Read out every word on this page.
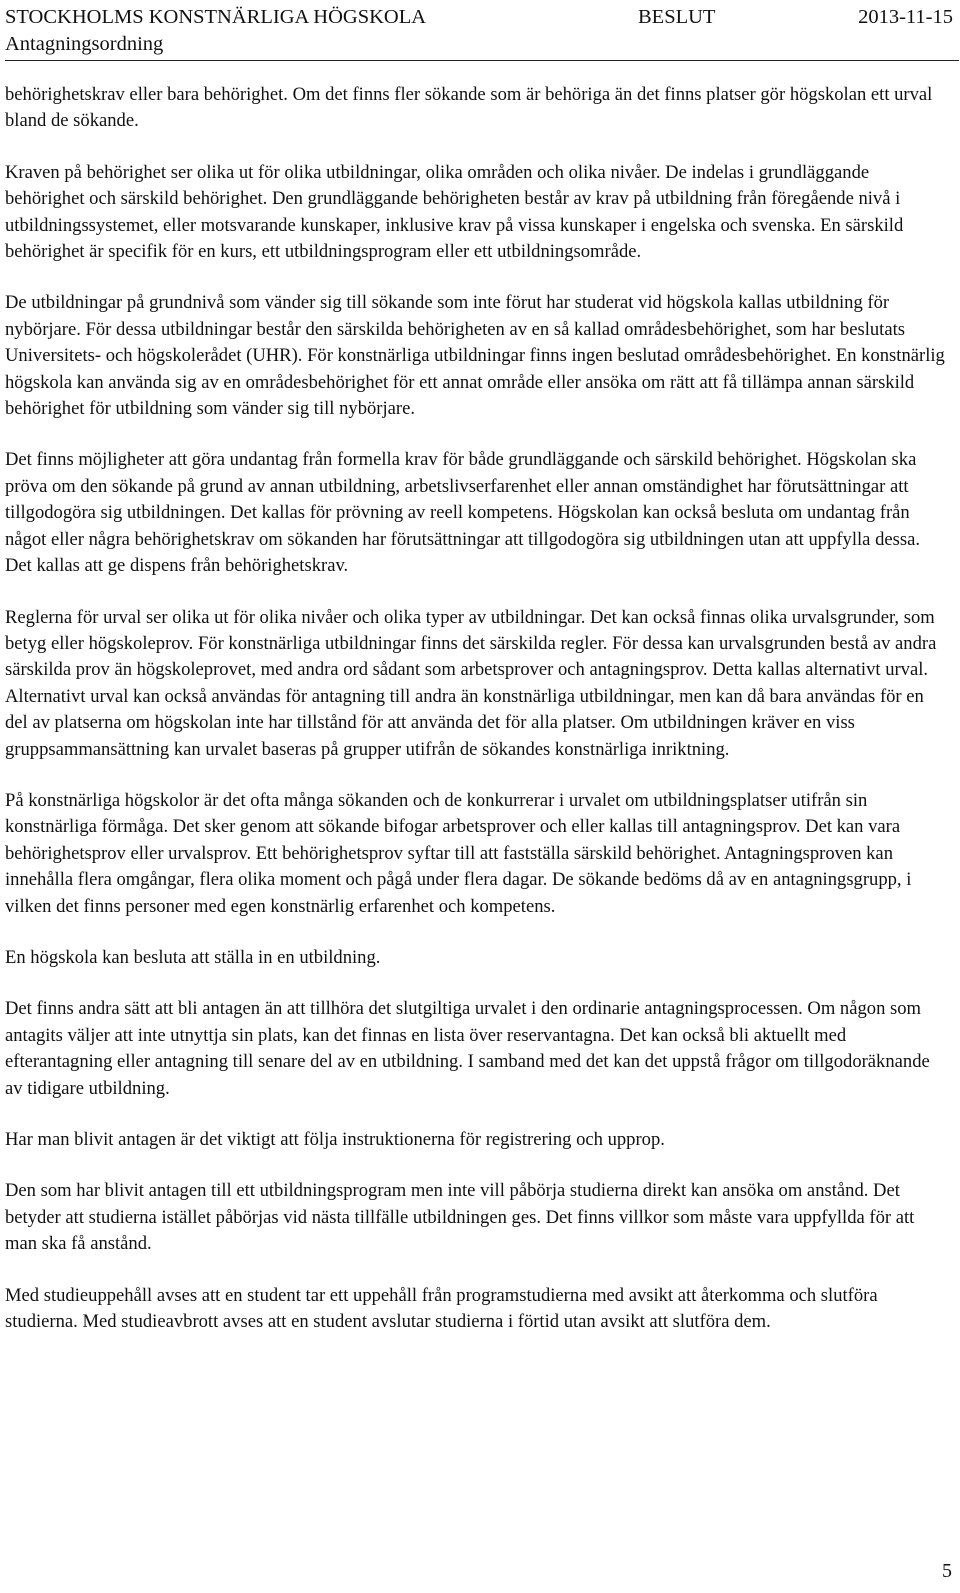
STOCKHOLMS KONSTNÄRLIGA HÖGSKOLA	BESLUT	2013-11-15
Antagningsordning

behörighetskrav eller bara behörighet. Om det finns fler sökande som är behöriga än det finns platser gör högskolan ett urval bland de sökande.

Kraven på behörighet ser olika ut för olika utbildningar, olika områden och olika nivåer. De indelas i grundläggande behörighet och särskild behörighet. Den grundläggande behörigheten består av krav på utbildning från föregående nivå i utbildningssystemet, eller motsvarande kunskaper, inklusive krav på vissa kunskaper i engelska och svenska. En särskild behörighet är specifik för en kurs, ett utbildningsprogram eller ett utbildningsområde.

De utbildningar på grundnivå som vänder sig till sökande som inte förut har studerat vid högskola kallas utbildning för nybörjare. För dessa utbildningar består den särskilda behörigheten av en så kallad områdesbehörighet, som har beslutats Universitets- och högskolerådet (UHR). För konstnärliga utbildningar finns ingen beslutad områdesbehörighet. En konstnärlig högskola kan använda sig av en områdesbehörighet för ett annat område eller ansöka om rätt att få tillämpa annan särskild behörighet för utbildning som vänder sig till nybörjare.

Det finns möjligheter att göra undantag från formella krav för både grundläggande och särskild behörighet. Högskolan ska pröva om den sökande på grund av annan utbildning, arbetslivserfarenhet eller annan omständighet har förutsättningar att tillgodogöra sig utbildningen. Det kallas för prövning av reell kompetens. Högskolan kan också besluta om undantag från något eller några behörighetskrav om sökanden har förutsättningar att tillgodogöra sig utbildningen utan att uppfylla dessa. Det kallas att ge dispens från behörighetskrav.

Reglerna för urval ser olika ut för olika nivåer och olika typer av utbildningar. Det kan också finnas olika urvalsgrunder, som betyg eller högskoleprov. För konstnärliga utbildningar finns det särskilda regler. För dessa kan urvalsgrunden bestå av andra särskilda prov än högskoleprovet, med andra ord sådant som arbetsprover och antagningsprov. Detta kallas alternativt urval. Alternativt urval kan också användas för antagning till andra än konstnärliga utbildningar, men kan då bara användas för en del av platserna om högskolan inte har tillstånd för att använda det för alla platser. Om utbildningen kräver en viss gruppsammansättning kan urvalet baseras på grupper utifrån de sökandes konstnärliga inriktning.

På konstnärliga högskolor är det ofta många sökanden och de konkurrerar i urvalet om utbildningsplatser utifrån sin konstnärliga förmåga. Det sker genom att sökande bifogar arbetsprover och eller kallas till antagningsprov. Det kan vara behörighetsprov eller urvalsprov. Ett behörighetsprov syftar till att fastställa särskild behörighet. Antagningsproven kan innehålla flera omgångar, flera olika moment och pågå under flera dagar. De sökande bedöms då av en antagningsgrupp, i vilken det finns personer med egen konstnärlig erfarenhet och kompetens.

En högskola kan besluta att ställa in en utbildning.

Det finns andra sätt att bli antagen än att tillhöra det slutgiltiga urvalet i den ordinarie antagningsprocessen. Om någon som antagits väljer att inte utnyttja sin plats, kan det finnas en lista över reservantagna. Det kan också bli aktuellt med efterantagning eller antagning till senare del av en utbildning. I samband med det kan det uppstå frågor om tillgodoräknande av tidigare utbildning.

Har man blivit antagen är det viktigt att följa instruktionerna för registrering och upprop.

Den som har blivit antagen till ett utbildningsprogram men inte vill påbörja studierna direkt kan ansöka om anstånd. Det betyder att studierna istället påbörjas vid nästa tillfälle utbildningen ges. Det finns villkor som måste vara uppfyllda för att man ska få anstånd.

Med studieuppehåll avses att en student tar ett uppehåll från programstudierna med avsikt att återkomma och slutföra studierna. Med studieavbrott avses att en student avslutar studierna i förtid utan avsikt att slutföra dem.

5
